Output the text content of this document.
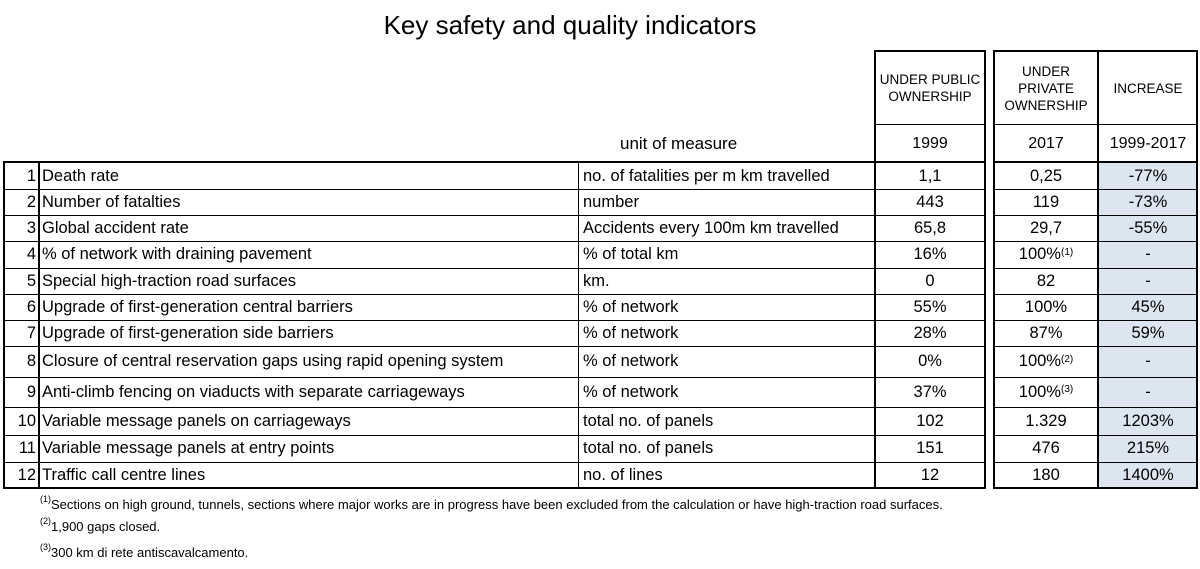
Key safety and quality indicators
UNDER PUBLIC OWNERSHIP
UNDER PRIVATE OWNERSHIP
INCREASE
unit of measure	1999	2017	1999-2017
1 Death rate	no. of fatalities per m km travelled	1,1	0,25	-77%
2 Number of fatalties	number	443	119	-73%
3 Global accident rate	Accidents every 100m km travelled	65,8	29,7	-55%
4 % of network with draining pavement	% of total km	16%	100%$^{(1)}$	-
5 Special high-traction road surfaces	km.	0	82	-
6 Upgrade of first-generation central barriers	% of network	55%	100%	45%
7 Upgrade of first-generation side barriers	% of network	28%	87%	59%
8 Closure of central reservation gaps using rapid opening system	% of network	0%	100%$^{(2)}$	-
9 Anti-climb fencing on viaducts with separate carriageways	% of network	37%	100%$^{(3)}$	-
10 Variable message panels on carriageways	total no. of panels	102	1.329	1203%
11 Variable message panels at entry points	total no. of panels	151	476	215%
12 Traffic call centre lines	no. of lines	12	180	1400%
$^{(1)}$Sections on high ground, tunnels, sections where major works are in progress have been excluded from the calculation or have high-traction road surfaces.
$^{(2)}$1,900 gaps closed.
$^{(3)}$300 km di rete antiscavalcamento.
